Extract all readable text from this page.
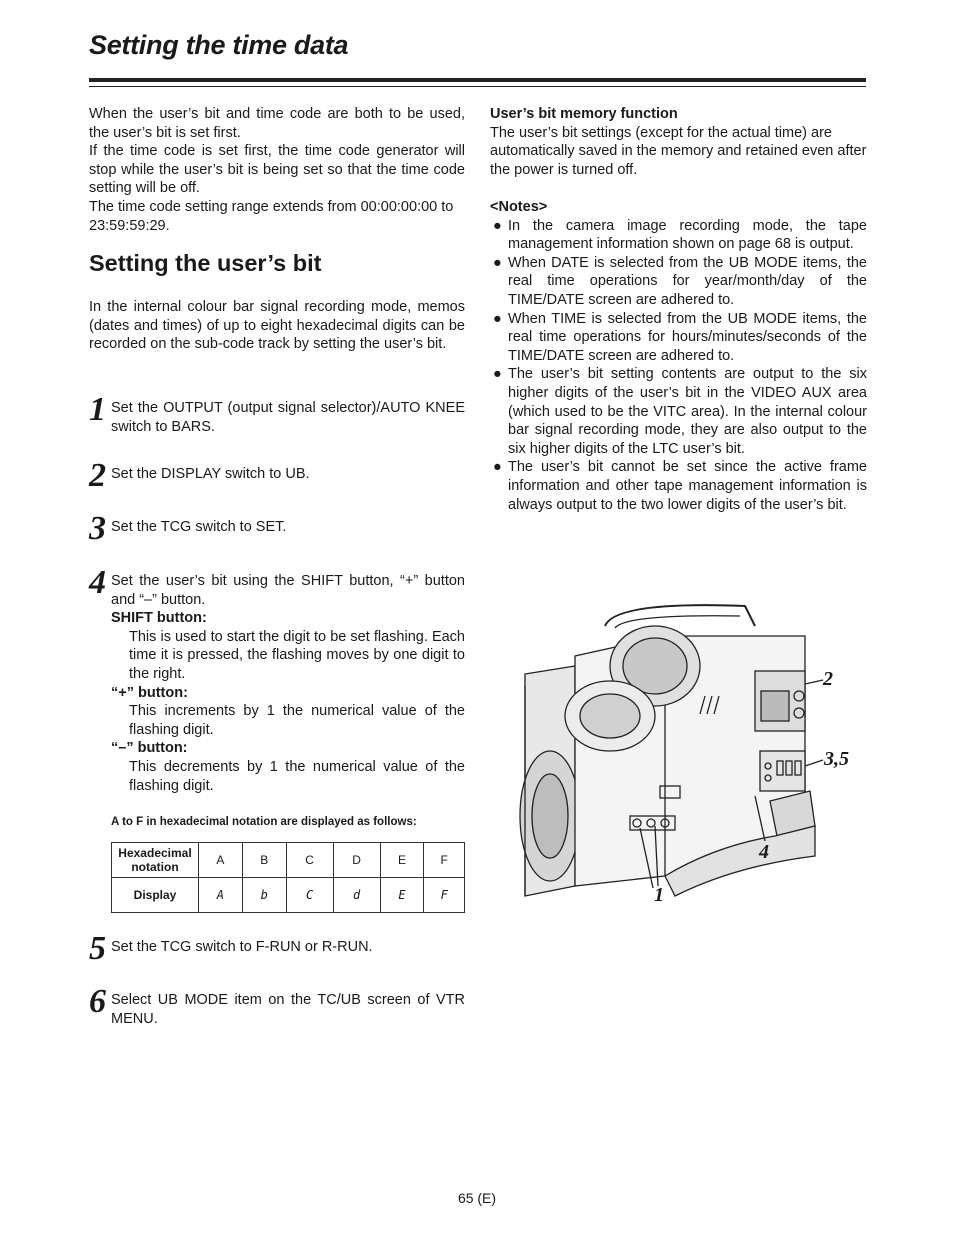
Setting the time data

When the user’s bit and time code are both to be used, the user’s bit is set first.

If the time code is set first, the time code generator will stop while the user’s bit is being set so that the time code setting will be off.

The time code setting range extends from 00:00:00:00 to 23:59:59:29.

Setting the user’s bit

In the internal colour bar signal recording mode, memos (dates and times) of up to eight hexadecimal digits can be recorded on the sub-code track by setting the user’s bit.

1 Set the OUTPUT (output signal selector)/AUTO KNEE switch to BARS.
2 Set the DISPLAY switch to UB.
3 Set the TCG switch to SET.
4 Set the user’s bit using the SHIFT button, “+” button and “–” button.
SHIFT button:
This is used to start the digit to be set flashing. Each time it is pressed, the flashing moves by one digit to the right.
“+” button:
This increments by 1 the numerical value of the flashing digit.
“–” button:
This decrements by 1 the numerical value of the flashing digit.
A to F in hexadecimal notation are displayed as follows:
Hexadecimal notation	A	B	C	D	E	F
Display	A	b	C	d	E	F
5 Set the TCG switch to F-RUN or R-RUN.
6 Select UB MODE item on the TC/UB screen of VTR MENU.
User’s bit memory function

The user’s bit settings (except for the actual time) are automatically saved in the memory and retained even after the power is turned off.

<Notes>
● In the camera image recording mode, the tape management information shown on page 68 is output.
● When DATE is selected from the UB MODE items, the real time operations for year/month/day of the TIME/DATE screen are adhered to.
● When TIME is selected from the UB MODE items, the real time operations for hours/minutes/seconds of the TIME/DATE screen are adhered to.
● The user’s bit setting contents are output to the six higher digits of the user’s bit in the VIDEO AUX area (which used to be the VITC area). In the internal colour bar signal recording mode, they are also output to the six higher digits of the LTC user’s bit.
● The user’s bit cannot be set since the active frame information and other tape management information is always output to the two lower digits of the user’s bit.
2
3,5
4
1
65 (E)
